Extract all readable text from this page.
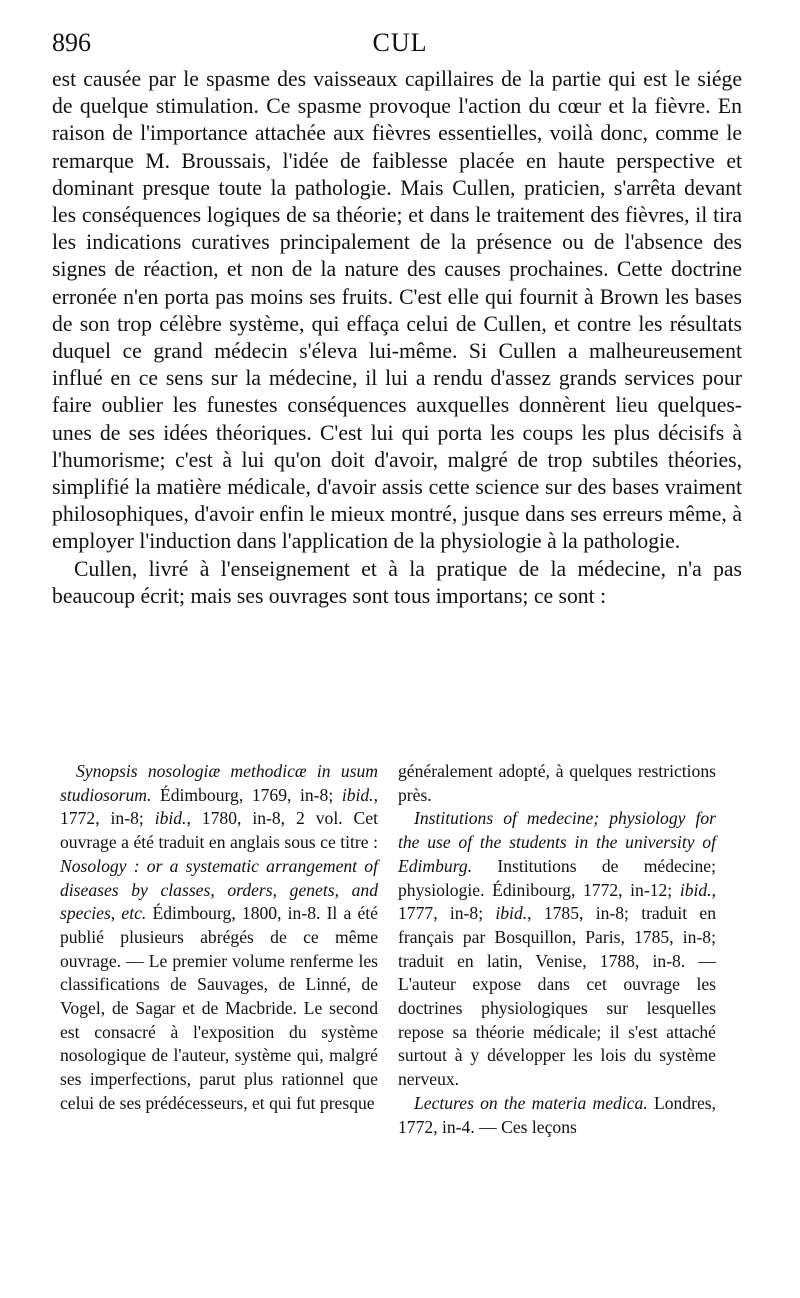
896	CUL

est causée par le spasme des vaisseaux capillaires de la partie qui est le siége de quelque stimulation. Ce spasme provoque l'action du cœur et la fièvre. En raison de l'importance attachée aux fièvres essentielles, voilà donc, comme le remarque M. Broussais, l'idée de faiblesse placée en haute perspective et dominant presque toute la pathologie. Mais Cullen, praticien, s'arrêta devant les conséquences logiques de sa théorie; et dans le traitement des fièvres, il tira les indications curatives principalement de la présence ou de l'absence des signes de réaction, et non de la nature des causes prochaines. Cette doctrine erronée n'en porta pas moins ses fruits. C'est elle qui fournit à Brown les bases de son trop célèbre système, qui effaça celui de Cullen, et contre les résultats duquel ce grand médecin s'éleva lui-même. Si Cullen a malheureusement influé en ce sens sur la médecine, il lui a rendu d'assez grands services pour faire oublier les funestes conséquences auxquelles donnèrent lieu quelques-unes de ses idées théoriques. C'est lui qui porta les coups les plus décisifs à l'humorisme; c'est à lui qu'on doit d'avoir, malgré de trop subtiles théories, simplifié la matière médicale, d'avoir assis cette science sur des bases vraiment philosophiques, d'avoir enfin le mieux montré, jusque dans ses erreurs même, à employer l'induction dans l'application de la physiologie à la pathologie.

Cullen, livré à l'enseignement et à la pratique de la médecine, n'a pas beaucoup écrit; mais ses ouvrages sont tous importans; ce sont :

Synopsis nosologiæ methodicæ in usum studiosorum. Édimbourg, 1769, in-8; ibid., 1772, in-8; ibid., 1780, in-8, 2 vol. Cet ouvrage a été traduit en anglais sous ce titre : Nosology : or a systematic arrangement of diseases by classes, orders, genets, and species, etc. Édimbourg, 1800, in-8. Il a été publié plusieurs abrégés de ce même ouvrage. — Le premier volume renferme les classifications de Sauvages, de Linné, de Vogel, de Sagar et de Macbride. Le second est consacré à l'exposition du système nosologique de l'auteur, système qui, malgré ses imperfections, parut plus rationnel que celui de ses prédécesseurs, et qui fut presque

généralement adopté, à quelques restrictions près.

Institutions of medecine; physiology for the use of the students in the university of Edimburg. Institutions de médecine; physiologie. Édinibourg, 1772, in-12; ibid., 1777, in-8; ibid., 1785, in-8; traduit en français par Bosquillon, Paris, 1785, in-8; traduit en latin, Venise, 1788, in-8. — L'auteur expose dans cet ouvrage les doctrines physiologiques sur lesquelles repose sa théorie médicale; il s'est attaché surtout à y développer les lois du système nerveux.

Lectures on the materia medica. Londres, 1772, in-4. — Ces leçons
